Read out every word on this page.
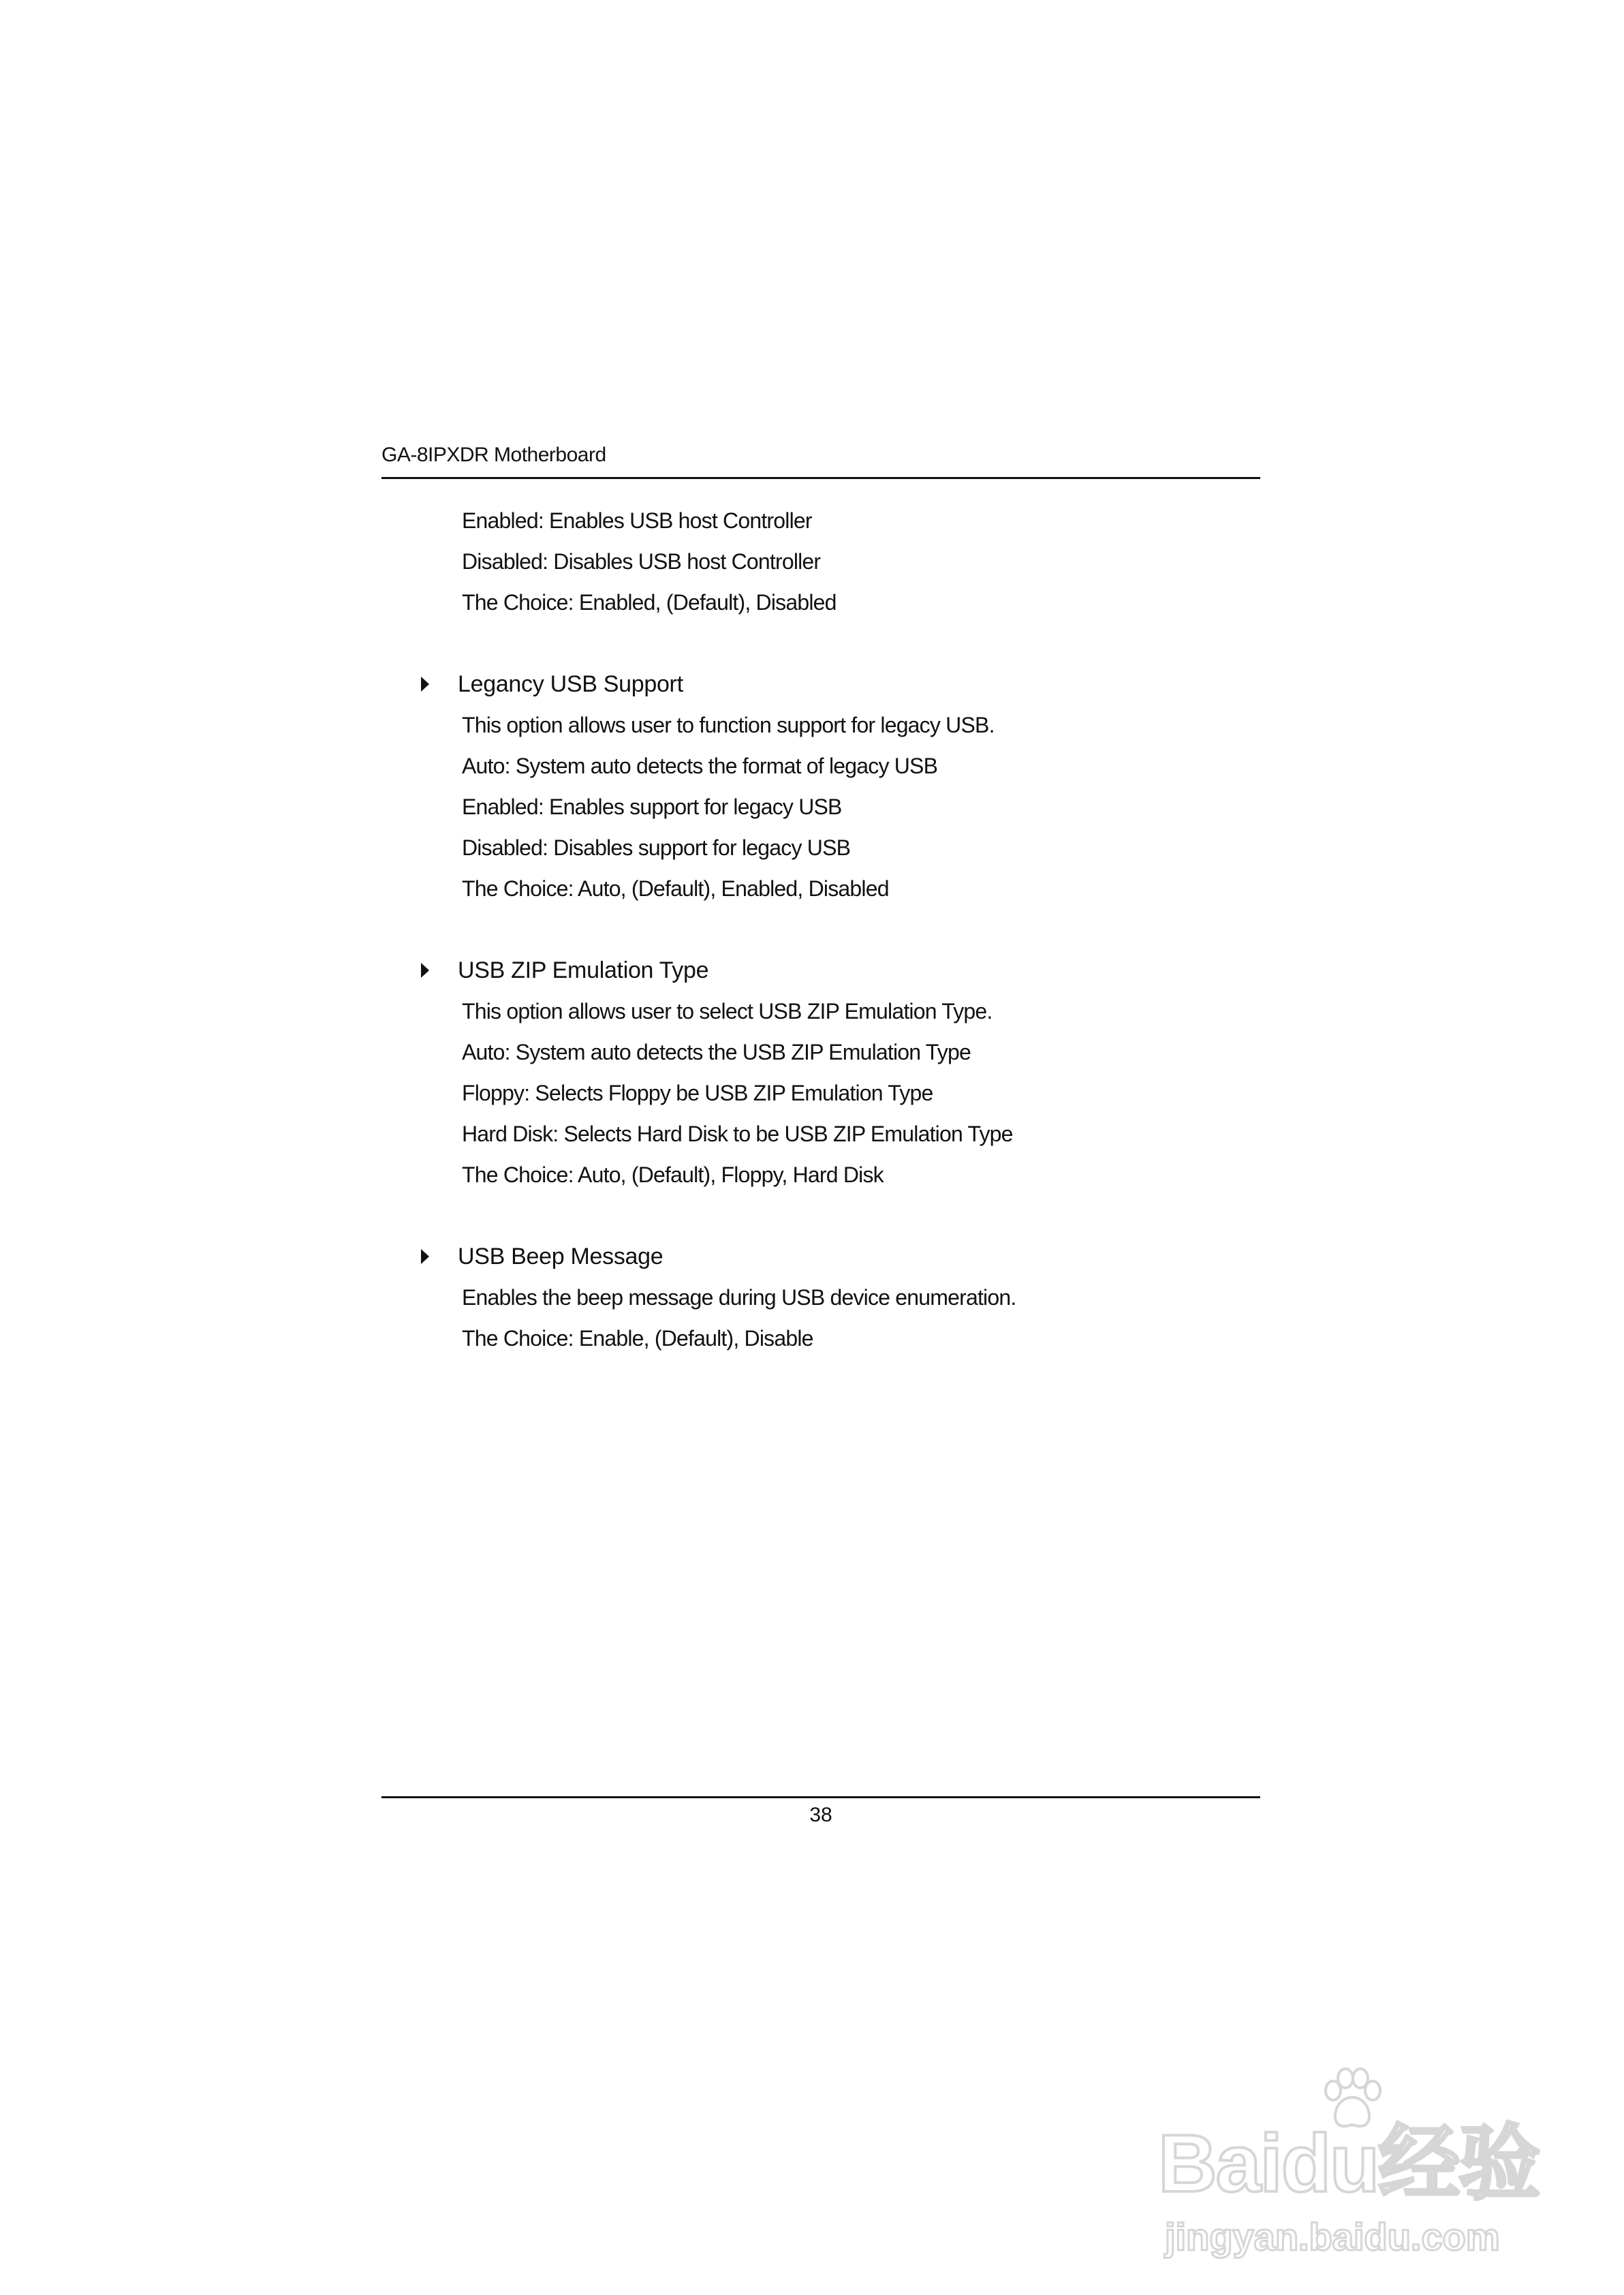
GA-8IPXDR Motherboard
Enabled: Enables USB host Controller
Disabled: Disables USB host Controller
The Choice: Enabled, (Default), Disabled
Legancy USB Support
This option allows user to function support for legacy USB.
Auto: System auto detects the format of legacy USB
Enabled: Enables support for legacy USB
Disabled: Disables support for legacy USB
The Choice: Auto, (Default), Enabled, Disabled
USB ZIP Emulation Type
This option allows user to select USB ZIP Emulation Type.
Auto: System auto detects the USB ZIP Emulation Type
Floppy: Selects Floppy be USB ZIP Emulation Type
Hard Disk: Selects Hard Disk to be USB ZIP Emulation Type
The Choice: Auto, (Default), Floppy, Hard Disk
USB Beep Message
Enables the beep message during USB device enumeration.
The Choice: Enable, (Default), Disable
38
Baidu经验
jingyan.baidu.com
